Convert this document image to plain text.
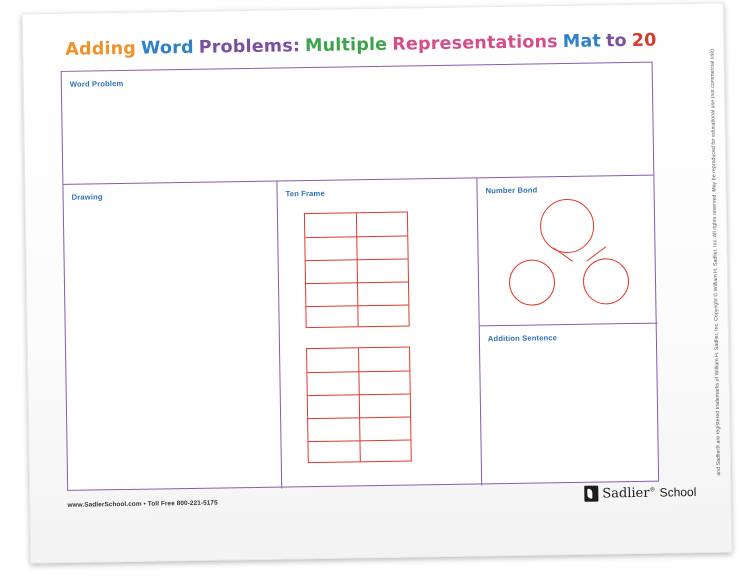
Adding Word Problems: Multiple Representations Mat to 20
Word Problem
Drawing	Ten Frame	Number Bond
Addition Sentence
www.SadlerSchool.com • Toll Free 800-221-5175
Sadlier® School
and Sadlier® are registered trademarks of William H. Sadlier, Inc. Copyright © William H. Sadlier, Inc. All rights reserved. May be reproduced for educational use (not commercial use).
